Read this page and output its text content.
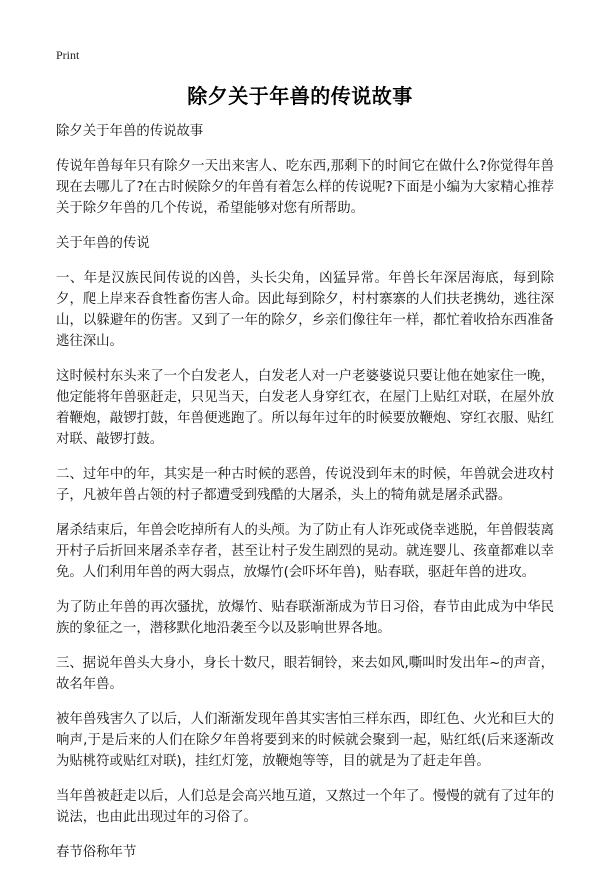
Print
除夕关于年兽的传说故事

除夕关于年兽的传说故事

传说年兽每年只有除夕一天出来害人、吃东西,那剩下的时间它在做什么?你觉得年兽现在去哪儿了?在古时候除夕的年兽有着怎么样的传说呢?下面是小编为大家精心推荐关于除夕年兽的几个传说，希望能够对您有所帮助。

关于年兽的传说

一、年是汉族民间传说的凶兽，头长尖角，凶猛异常。年兽长年深居海底，每到除夕，爬上岸来吞食牲畜伤害人命。因此每到除夕，村村寨寨的人们扶老携幼，逃往深山，以躲避年的伤害。又到了一年的除夕，乡亲们像往年一样，都忙着收拾东西准备逃往深山。

这时候村东头来了一个白发老人，白发老人对一户老婆婆说只要让他在她家住一晚，他定能将年兽驱赶走，只见当天，白发老人身穿红衣，在屋门上贴红对联，在屋外放着鞭炮，敲锣打鼓，年兽便逃跑了。所以每年过年的时候要放鞭炮、穿红衣服、贴红对联、敲锣打鼓。

二、过年中的年，其实是一种古时候的恶兽，传说没到年末的时候，年兽就会进攻村子，凡被年兽占领的村子都遭受到残酷的大屠杀，头上的犄角就是屠杀武器。

屠杀结束后，年兽会吃掉所有人的头颅。为了防止有人诈死或侥幸逃脱，年兽假装离开村子后折回来屠杀幸存者，甚至让村子发生剧烈的晃动。就连婴儿、孩童都难以幸免。人们利用年兽的两大弱点，放爆竹(会吓坏年兽)，贴春联，驱赶年兽的进攻。

为了防止年兽的再次骚扰，放爆竹、贴春联渐渐成为节日习俗，春节由此成为中华民族的象征之一，潜移默化地沿袭至今以及影响世界各地。

三、据说年兽头大身小，身长十数尺，眼若铜铃，来去如风,嘶叫时发出年~的声音，故名年兽。

被年兽残害久了以后，人们渐渐发现年兽其实害怕三样东西，即红色、火光和巨大的响声,于是后来的人们在除夕年兽将要到来的时候就会聚到一起，贴红纸(后来逐渐改为贴桃符或贴红对联)，挂红灯笼，放鞭炮等等，目的就是为了赶走年兽。

当年兽被赶走以后，人们总是会高兴地互道，又熬过一个年了。慢慢的就有了过年的说法，也由此出现过年的习俗了。

春节俗称年节
